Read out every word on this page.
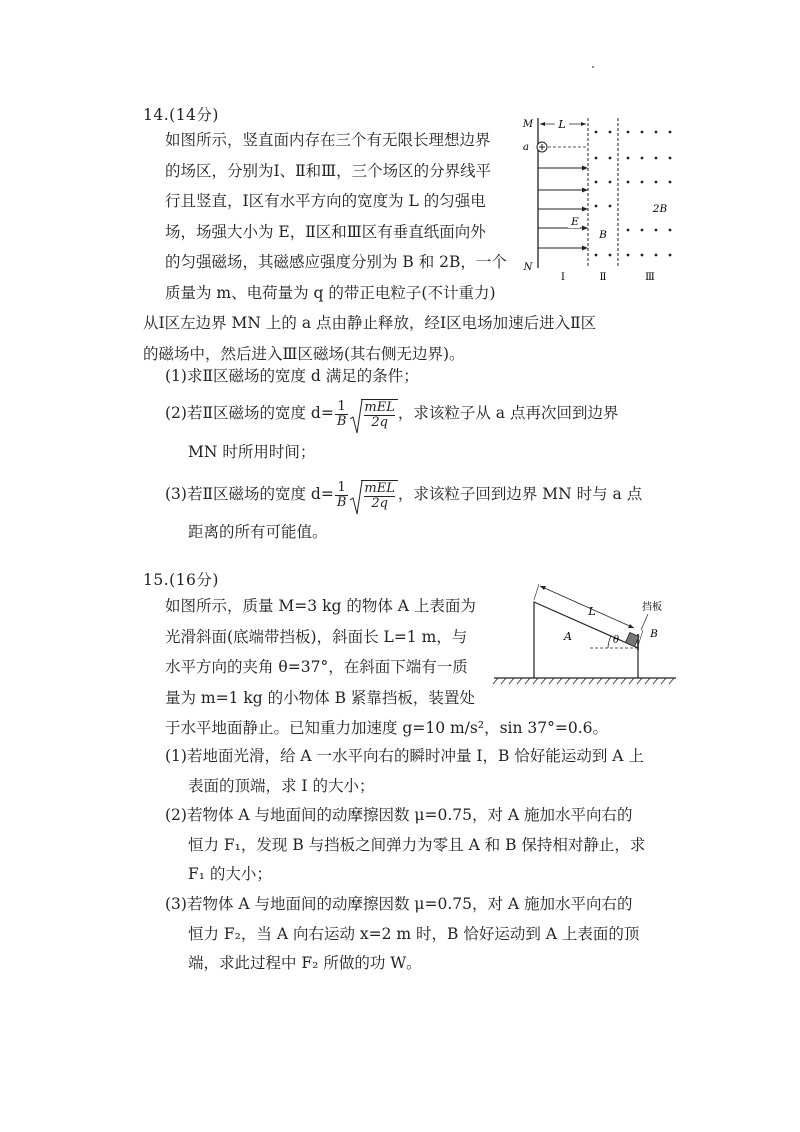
14.(14分)
如图所示，竖直面内存在三个有无限长理想边界
的场区，分别为Ⅰ、Ⅱ和Ⅲ，三个场区的分界线平
行且竖直，Ⅰ区有水平方向的宽度为 L 的匀强电
场，场强大小为 E，Ⅱ区和Ⅲ区有垂直纸面向外
的匀强磁场，其磁感应强度分别为 B 和 2B，一个
质量为 m、电荷量为 q 的带正电粒子(不计重力)
从Ⅰ区左边界 MN 上的 a 点由静止释放，经Ⅰ区电场加速后进入Ⅱ区
的磁场中，然后进入Ⅲ区磁场(其右侧无边界)。
L
M
N
a
E
B
2B
Ⅰ	Ⅱ	Ⅲ
(1)求Ⅱ区磁场的宽度 d 满足的条件；
(2)若Ⅱ区磁场的宽度 $d= \frac{1}{B} \frac{\text{mEL}}{2q}$ ，求该粒子从 a 点再次回到边界
MN 时所用时间；
(3)若Ⅱ区磁场的宽度 $d= \frac{1}{B} \frac{\text{mEL}}{2q}$ ，求该粒子回到边界 MN 时与 a 点
距离的所有可能值。
15.(16分)
如图所示，质量 M=3 kg 的物体 A 上表面为
光滑斜面(底端带挡板)，斜面长 L=1 m，与
水平方向的夹角 θ=37°，在斜面下端有一质
量为 m=1 kg 的小物体 B 紧靠挡板，装置处
于水平地面静止。已知重力加速度 g=10 m/s²，sin 37°=0.6。
L
A	θ
B
挡板
(1)若地面光滑，给 A 一水平向右的瞬时冲量 I，B 恰好能运动到 A 上
表面的顶端，求 I 的大小；
(2)若物体 A 与地面间的动摩擦因数 μ=0.75，对 A 施加水平向右的
恒力 F₁，发现 B 与挡板之间弹力为零且 A 和 B 保持相对静止，求
F₁ 的大小；
(3)若物体 A 与地面间的动摩擦因数 μ=0.75，对 A 施加水平向右的
恒力 F₂，当 A 向右运动 x=2 m 时，B 恰好运动到 A 上表面的顶
端，求此过程中 F₂ 所做的功 W。
